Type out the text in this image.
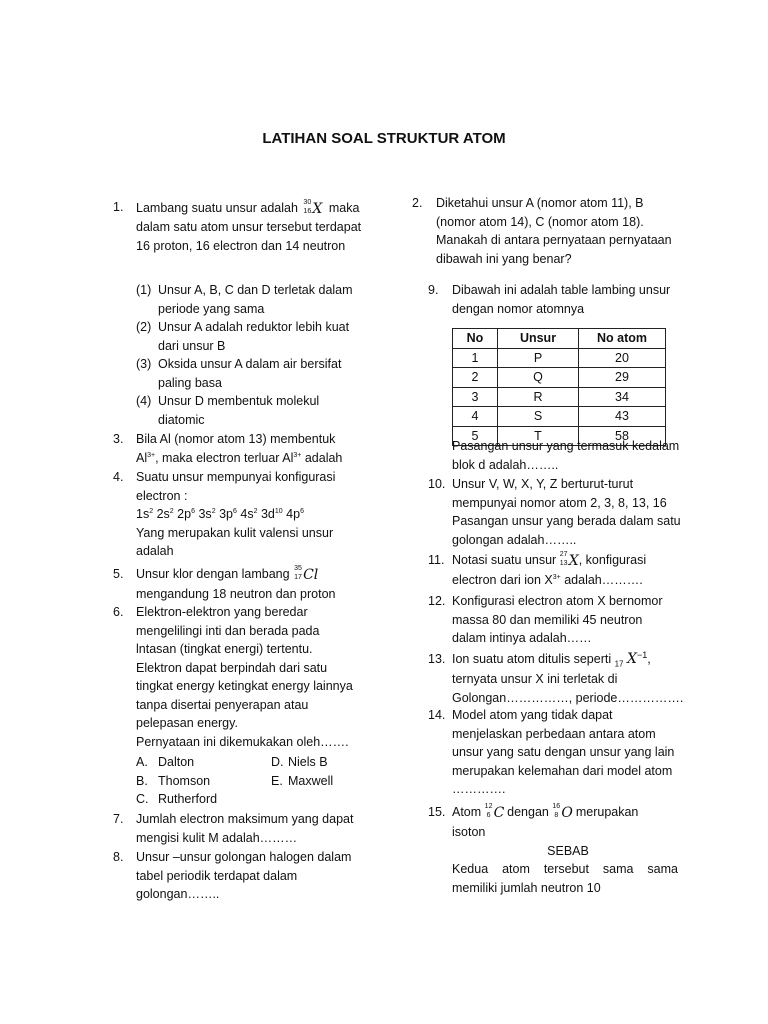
LATIHAN SOAL STRUKTUR ATOM
1. Lambang suatu unsur adalah 30
16 X maka
dalam satu atom unsur tersebut terdapat
16 proton, 16 electron dan 14 neutron
(1) Unsur A, B, C dan D terletak dalam
periode yang sama
(2) Unsur A adalah reduktor lebih kuat
dari unsur B
(3) Oksida unsur A dalam air bersifat
paling basa
(4) Unsur D membentuk molekul
diatomic
3. Bila Al (nomor atom 13) membentuk
$Al^{3+}$, maka electron terluar $Al^{3+}$ adalah
4. Suatu unsur mempunyai konfigurasi
electron :
$1s^2$ $2s^2$ $2p^6$ $3s^2$ $3p^6$ $4s^2$ $3d^{10}$ $4p^6$
Yang merupakan kulit valensi unsur
adalah
5. Unsur klor dengan lambang 35
17 Cl
mengandung 18 neutron dan proton
6. Elektron-elektron yang beredar
mengelilingi inti dan berada pada
lntasan (tingkat energi) tertentu.
Elektron dapat berpindah dari satu
tingkat energy ketingkat energy lainnya
tanpa disertai penyerapan atau
pelepasan energy.
Pernyataan ini dikemukakan oleh…….
A. Dalton	D. Niels B
B. Thomson	E. Maxwell
C. Rutherford
7. Jumlah electron maksimum yang dapat
mengisi kulit M adalah………
8. Unsur –unsur golongan halogen dalam
tabel periodik terdapat dalam
golongan……..
2. Diketahui unsur A (nomor atom 11), B
(nomor atom 14), C (nomor atom 18).
Manakah di antara pernyataan pernyataan
dibawah ini yang benar?
9. Dibawah ini adalah table lambing unsur
dengan nomor atomnya
No	Unsur	No atom
1	P	20
2	Q	29
3	R	34
4	S	43
5	T	58
Pasangan unsur yang termasuk kedalam
blok d adalah……..
10. Unsur V, W, X, Y, Z berturut-turut
mempunyai nomor atom 2, 3, 8, 13, 16
Pasangan unsur yang berada dalam satu
golongan adalah……..
11. Notasi suatu unsur 27
13 X , konfigurasi
electron dari ion $X^{3+}$ adalah……….
12. Konfigurasi electron atom X bernomor
massa 80 dan memiliki 45 neutron
dalam intinya adalah……
13. Ion suatu atom ditulis seperti $_{17}$ $X^{-1}$,
ternyata unsur X ini terletak di
Golongan……………, periode…………….
14. Model atom yang tidak dapat
menjelaskan perbedaan antara atom
unsur yang satu dengan unsur yang lain
merupakan kelemahan dari model atom
………….
15. Atom 12
6 C dengan 16
8 O merupakan
isoton
SEBAB
Kedua atom tersebut sama sama
memiliki jumlah neutron 10
